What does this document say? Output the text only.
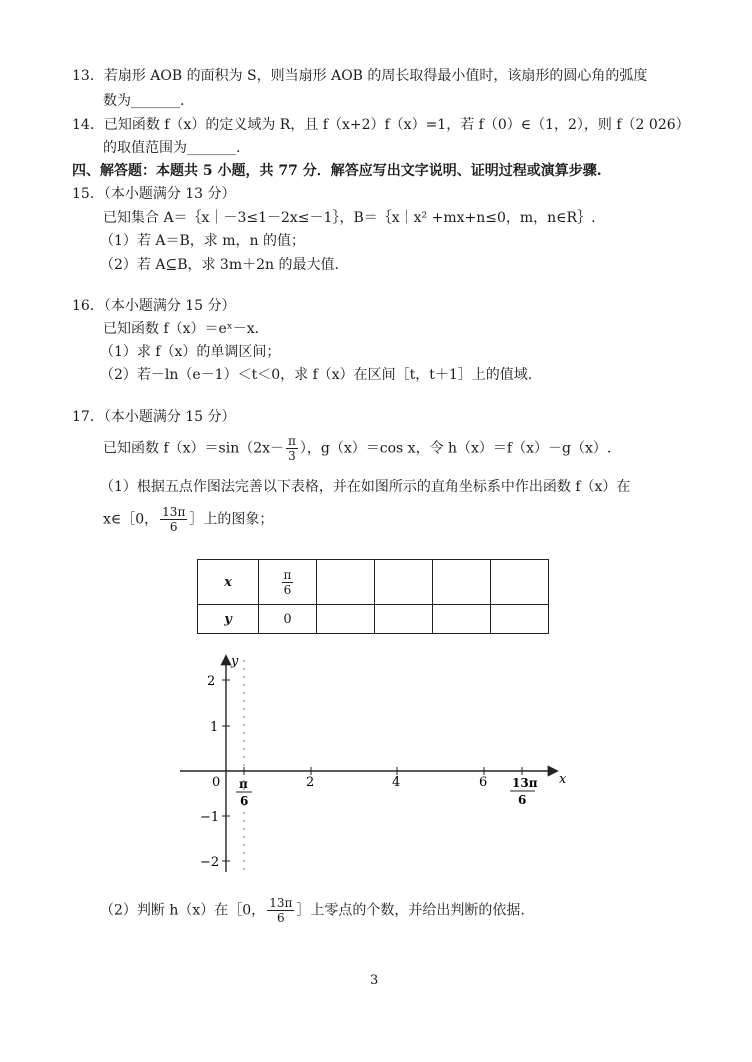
13．若扇形 AOB 的面积为 S，则当扇形 AOB 的周长取得最小值时，该扇形的圆心角的弧度
数为_______.
14．已知函数 f（x）的定义域为 R，且 f（x+2）f（x）=1，若 f（0）∈（1，2），则 f（2 026）
的取值范围为_______.
四、解答题：本题共 5 小题，共 77 分．解答应写出文字说明、证明过程或演算步骤.
15．（本小题满分 13 分）
已知集合 A＝｛x｜－3≤1－2x≤－1｝，B＝｛x｜x² +mx+n≤0，m，n∈R｝.
（1）若 A＝B，求 m，n 的值；
（2）若 A⊆B，求 3m＋2n 的最大值.
16．（本小题满分 15 分）
已知函数 f（x）＝eˣ－x.
（1）求 f（x）的单调区间；
（2）若－ln（e－1）＜t＜0，求 f（x）在区间［t，t＋1］上的值域.
17．（本小题满分 15 分）
已知函数 $f(x)=\sin(2x- \frac{\pi}{3}$ ），g（x）＝cos x，令 h（x）＝f（x）－g（x）.
（1）根据五点作图法完善以下表格，并在如图所示的直角坐标系中作出函数 f（x）在
x∈［0， $\frac{13\pi}{6}$ ］上的图象；
x	$\frac{\pi}{6}$

y	0				
y
x
0
2
1
−1
−2
2	4	6
π
6
13π
6
（2）判断 h（x）在［0， $\frac{13\pi}{6}$ ］上零点的个数，并给出判断的依据.
3
